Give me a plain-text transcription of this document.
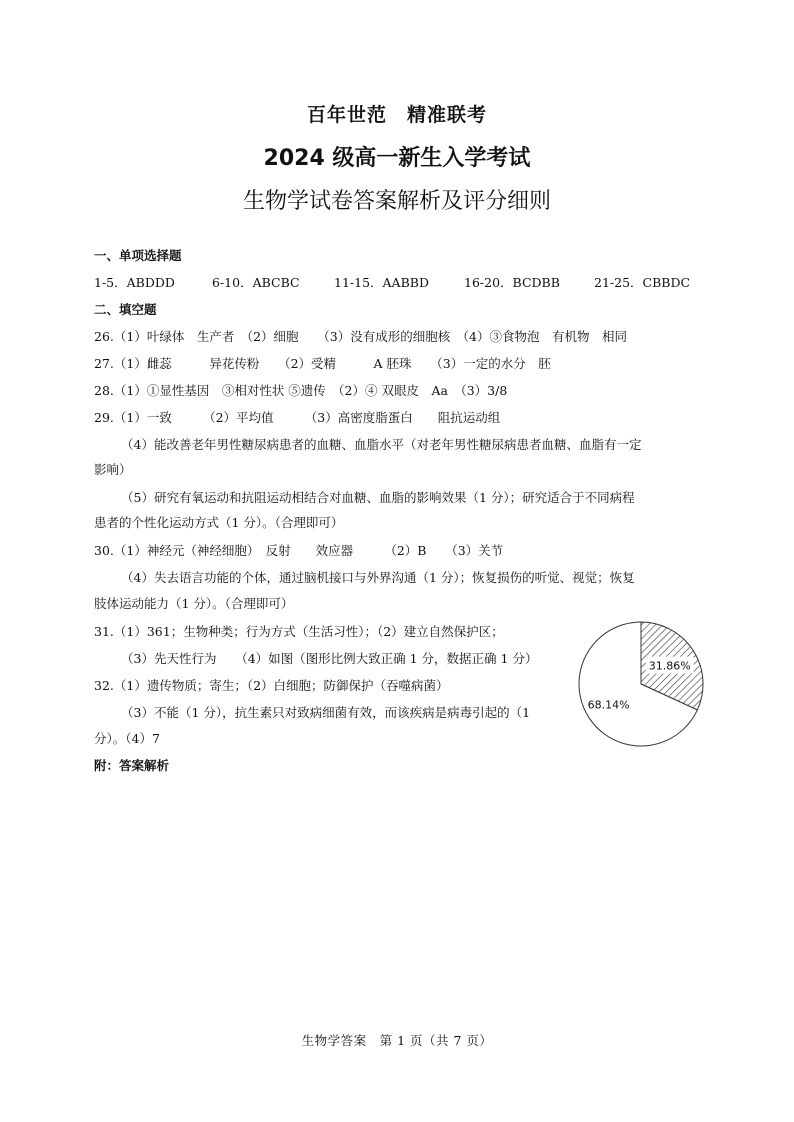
百年世范　精准联考
2024 级高一新生入学考试
生物学试卷答案解析及评分细则
一、单项选择题
1-5．ABDDD	6-10．ABCBC	11-15．AABBD	16-20．BCDBB	21-25．CBBDC
二、填空题
26.（1）叶绿体　生产者　（2）细胞　　（3）没有成形的细胞核　（4）③食物泡　有机物　相同
27.（1）雌蕊　　　异花传粉　　（2）受精　　　A 胚珠　　（3）一定的水分　胚
28.（1）①显性基因　③相对性状 ⑤遗传　（2）④ 双眼皮　Aa　（3）3/8
29.（1）一致　　　（2）平均值　　　（3）高密度脂蛋白　　阻抗运动组
（4）能改善老年男性糖尿病患者的血糖、血脂水平（对老年男性糖尿病患者血糖、血脂有一定
影响）
（5）研究有氧运动和抗阻运动相结合对血糖、血脂的影响效果（1 分）；研究适合于不同病程
患者的个性化运动方式（1 分）。（合理即可）
30.（1）神经元（神经细胞）　反射　　效应器　　　（2）B　　（3）关节
（4）失去语言功能的个体，通过脑机接口与外界沟通（1 分）；恢复损伤的听觉、视觉；恢复
肢体运动能力（1 分）。（合理即可）
31.（1）361；生物种类；行为方式（生活习性）；（2）建立自然保护区；
（3）先天性行为　　（4）如图（图形比例大致正确 1 分，数据正确 1 分）
32.（1）遗传物质；寄生；（2）白细胞；防御保护（吞噬病菌）
（3）不能（1 分），抗生素只对致病细菌有效，而该疾病是病毒引起的（1
分）。（4）7
附：答案解析
31.86%
68.14%
生物学答案　第 1 页（共 7 页）
